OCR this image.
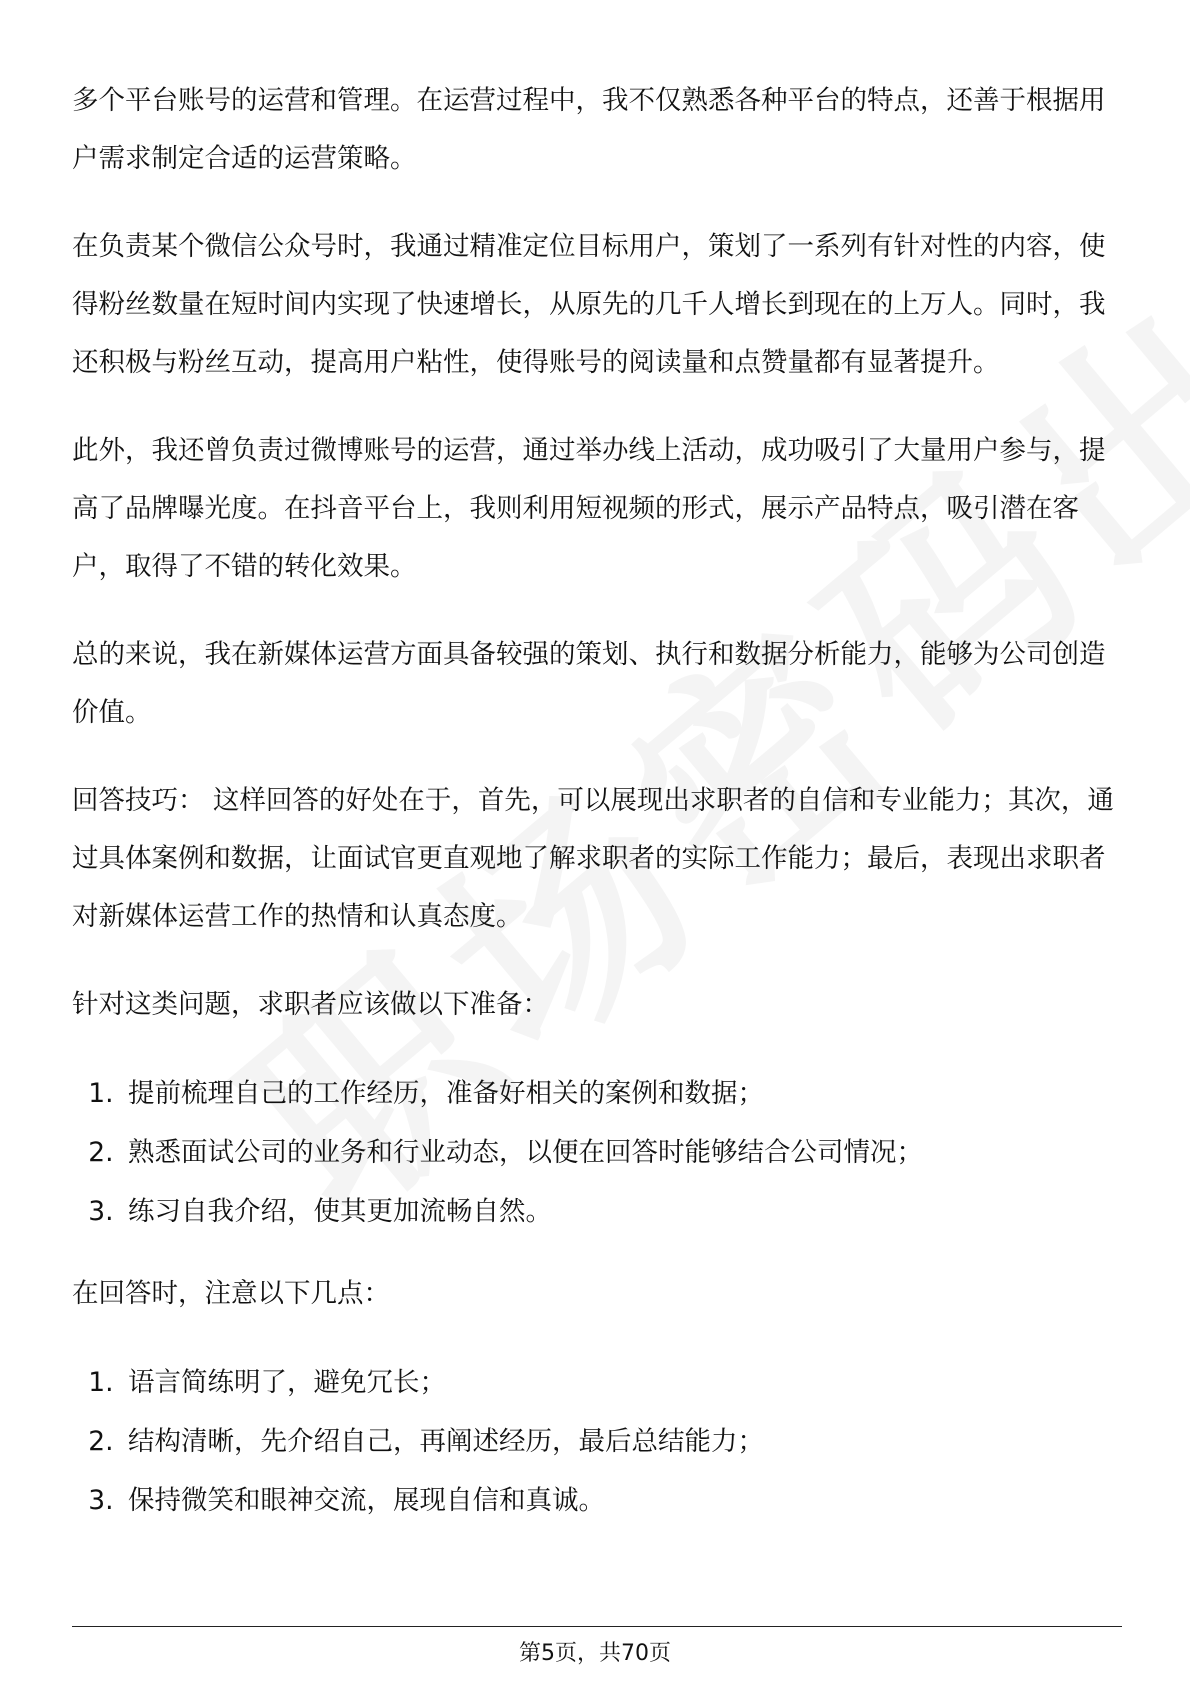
多个平台账号的运营和管理。在运营过程中，我不仅熟悉各种平台的特点，还善于根据用户需求制定合适的运营策略。

在负责某个微信公众号时，我通过精准定位目标用户，策划了一系列有针对性的内容，使得粉丝数量在短时间内实现了快速增长，从原先的几千人增长到现在的上万人。同时，我还积极与粉丝互动，提高用户粘性，使得账号的阅读量和点赞量都有显著提升。

此外，我还曾负责过微博账号的运营，通过举办线上活动，成功吸引了大量用户参与，提高了品牌曝光度。在抖音平台上，我则利用短视频的形式，展示产品特点，吸引潜在客户，取得了不错的转化效果。

总的来说，我在新媒体运营方面具备较强的策划、执行和数据分析能力，能够为公司创造价值。

回答技巧： 这样回答的好处在于，首先，可以展现出求职者的自信和专业能力；其次，通过具体案例和数据，让面试官更直观地了解求职者的实际工作能力；最后，表现出求职者对新媒体运营工作的热情和认真态度。

针对这类问题，求职者应该做以下准备：

1. 提前梳理自己的工作经历，准备好相关的案例和数据；
2. 熟悉面试公司的业务和行业动态，以便在回答时能够结合公司情况；
3. 练习自我介绍，使其更加流畅自然。

在回答时，注意以下几点：

1. 语言简练明了，避免冗长；
2. 结构清晰，先介绍自己，再阐述经历，最后总结能力；
3. 保持微笑和眼神交流，展现自信和真诚。
第5页，共70页
